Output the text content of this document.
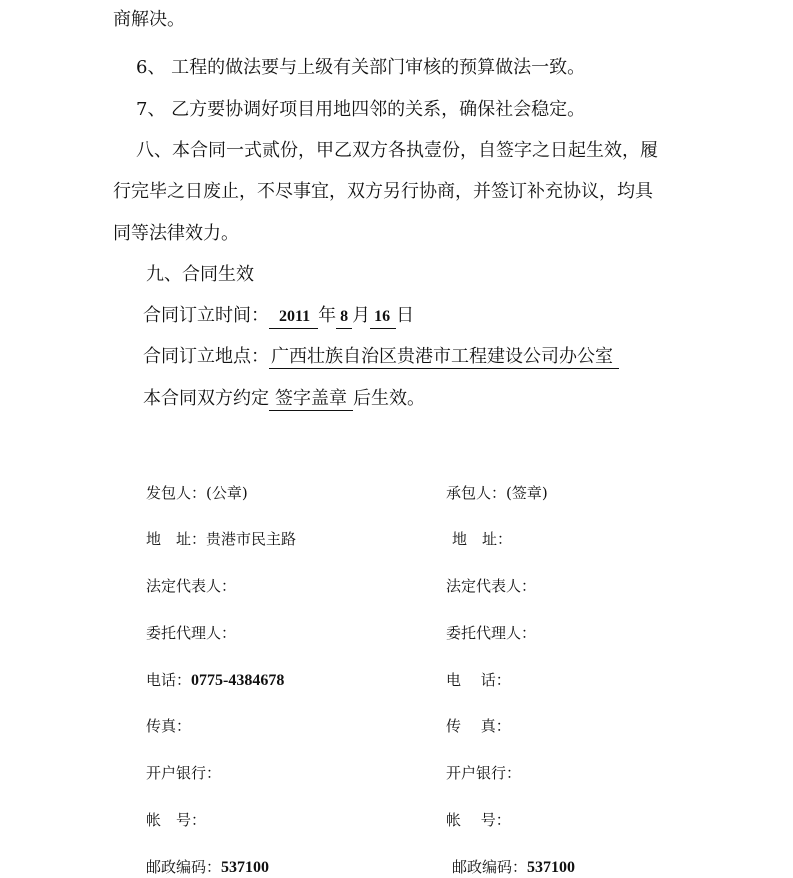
商解决。
6、 工程的做法要与上级有关部门审核的预算做法一致。
7、 乙方要协调好项目用地四邻的关系，确保社会稳定。
八、本合同一式贰份，甲乙双方各执壹份，自签字之日起生效，履
行完毕之日废止，不尽事宜，双方另行协商，并签订补充协议，均具
同等法律效力。
九、合同生效
合同订立时间： 2011 年 8 月 16 日
合同订立地点： 广西壮族自治区贵港市工程建设公司办公室
本合同双方约定 签字盖章 后生效。
发包人：(公章)
地　址：贵港市民主路
法定代表人：
委托代理人：
电话：0775-4384678
传真：
开户银行：
帐　号：
邮政编码：537100
承包人：(签章)
地　址：
法定代表人：
委托代理人：
电　 话：
传　 真：
开户银行：
帐　 号：
邮政编码：537100
